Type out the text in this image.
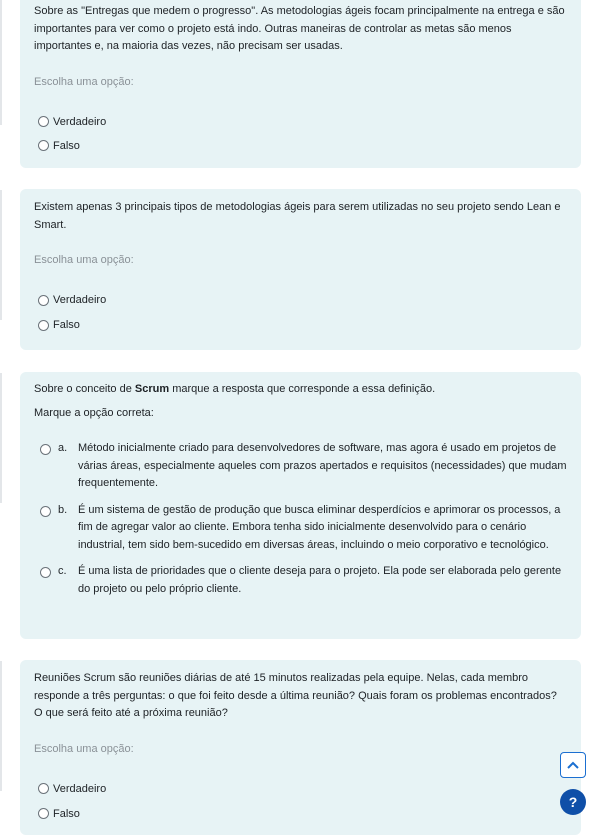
Sobre as "Entregas que medem o progresso". As metodologias ágeis focam principalmente na entrega e são importantes para ver como o projeto está indo. Outras maneiras de controlar as metas são menos importantes e, na maioria das vezes, não precisam ser usadas.

Escolha uma opção:

Verdadeiro
Falso

Existem apenas 3 principais tipos de metodologias ágeis para serem utilizadas no seu projeto sendo Lean e Smart.

Escolha uma opção:

Verdadeiro
Falso

Sobre o conceito de Scrum marque a resposta que corresponde a essa definição.

Marque a opção correta:

a. Método inicialmente criado para desenvolvedores de software, mas agora é usado em projetos de várias áreas, especialmente aqueles com prazos apertados e requisitos (necessidades) que mudam frequentemente.
b. É um sistema de gestão de produção que busca eliminar desperdícios e aprimorar os processos, a fim de agregar valor ao cliente. Embora tenha sido inicialmente desenvolvido para o cenário industrial, tem sido bem-sucedido em diversas áreas, incluindo o meio corporativo e tecnológico.
c.	É uma lista de prioridades que o cliente deseja para o projeto. Ela pode ser elaborada pelo gerente do projeto ou pelo próprio cliente.

Reuniões Scrum são reuniões diárias de até 15 minutos realizadas pela equipe. Nelas, cada membro responde a três perguntas: o que foi feito desde a última reunião? Quais foram os problemas encontrados? O que será feito até a próxima reunião?

Escolha uma opção:

Verdadeiro
Falso
?
